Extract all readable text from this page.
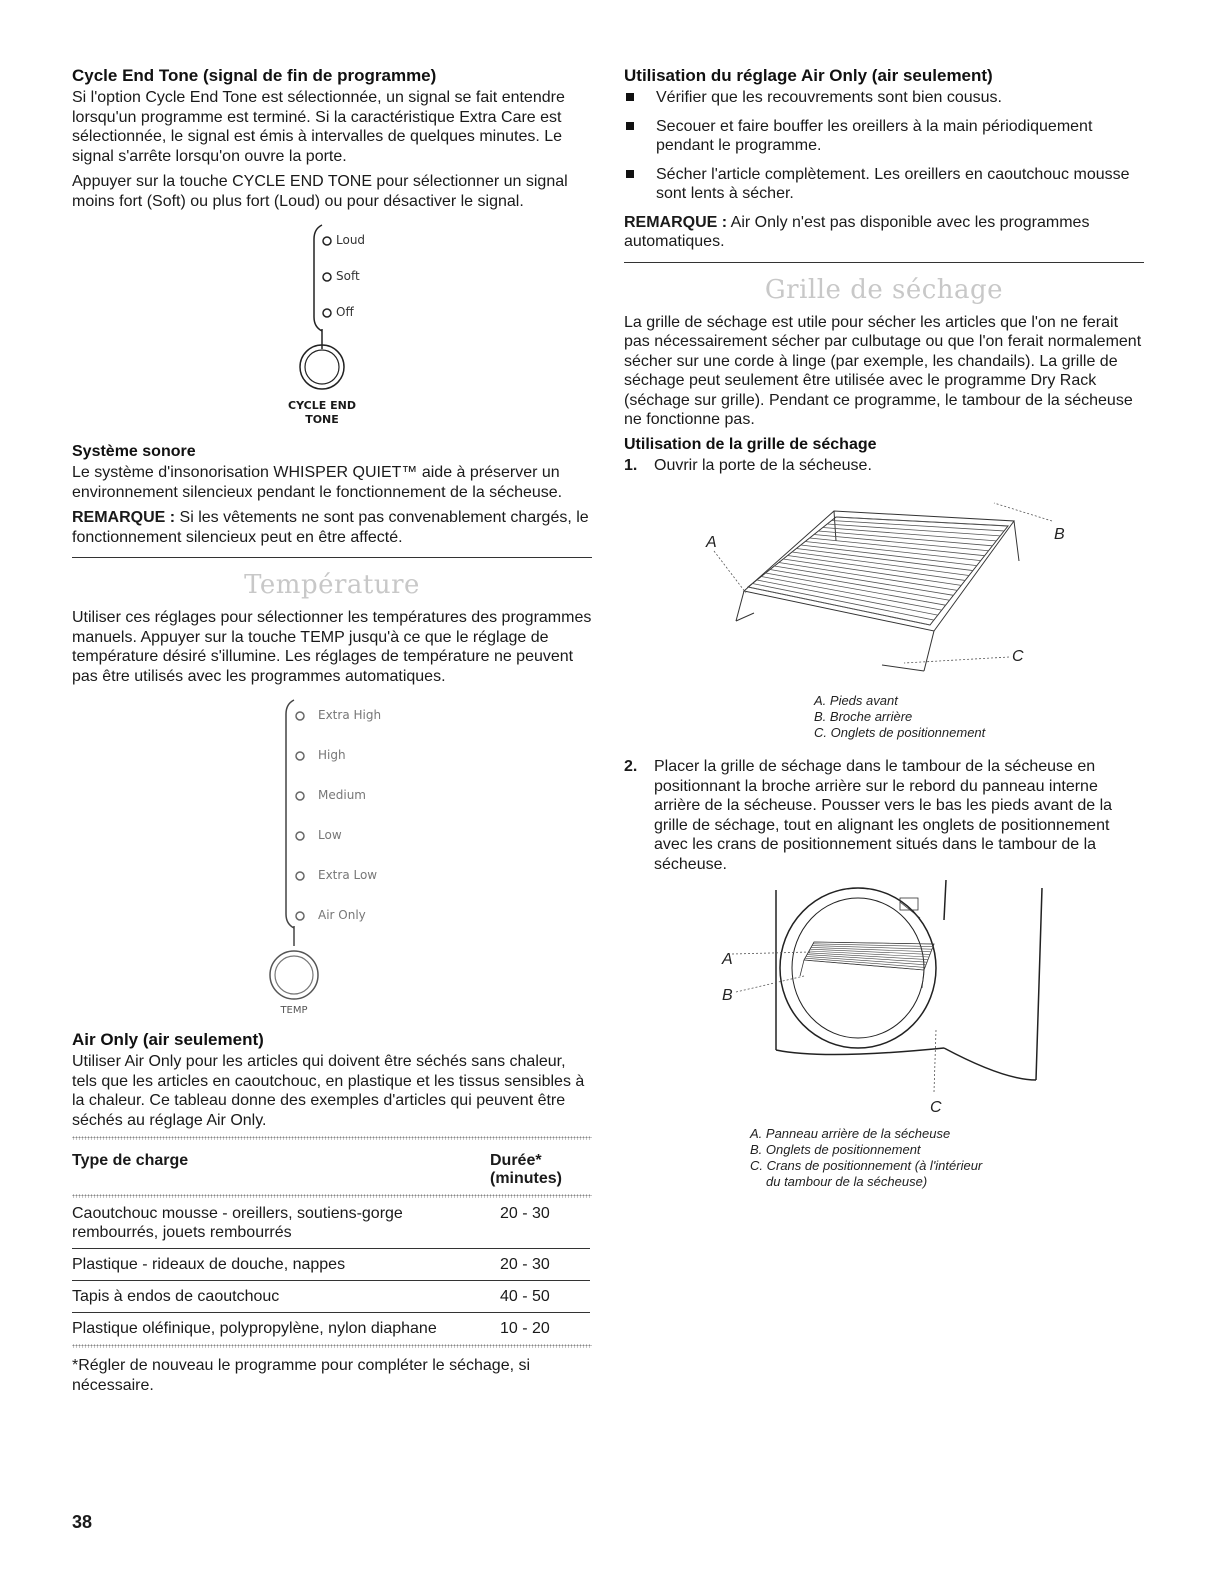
Cycle End Tone (signal de fin de programme)

Si l'option Cycle End Tone est sélectionnée, un signal se fait entendre lorsqu'un programme est terminé. Si la caractéristique Extra Care est sélectionnée, le signal est émis à intervalles de quelques minutes. Le signal s'arrête lorsqu'on ouvre la porte.

Appuyer sur la touche CYCLE END TONE pour sélectionner un signal moins fort (Soft) ou plus fort (Loud) ou pour désactiver le signal.

Loud
Soft
Off
CYCLE END
TONE
Système sonore

Le système d'insonorisation WHISPER QUIET™ aide à préserver un environnement silencieux pendant le fonctionnement de la sécheuse.

REMARQUE : Si les vêtements ne sont pas convenablement chargés, le fonctionnement silencieux peut en être affecté.

Température

Utiliser ces réglages pour sélectionner les températures des programmes manuels. Appuyer sur la touche TEMP jusqu'à ce que le réglage de température désiré s'illumine. Les réglages de température ne peuvent pas être utilisés avec les programmes automatiques.

Extra High
High
Medium
Low
Extra Low
Air Only
TEMP
Air Only (air seulement)

Utiliser Air Only pour les articles qui doivent être séchés sans chaleur, tels que les articles en caoutchouc, en plastique et les tissus sensibles à la chaleur. Ce tableau donne des exemples d'articles qui peuvent être séchés au réglage Air Only.

Type de charge	Durée*
(minutes)
Caoutchouc mousse - oreillers, soutiens-gorge rembourrés, jouets rembourrés	20 - 30
Plastique - rideaux de douche, nappes	20 - 30
Tapis à endos de caoutchouc	40 - 50
Plastique oléfinique, polypropylène, nylon diaphane	10 - 20

*Régler de nouveau le programme pour compléter le séchage, si nécessaire.

38
Utilisation du réglage Air Only (air seulement)
Vérifier que les recouvrements sont bien cousus.
Secouer et faire bouffer les oreillers à la main périodiquement pendant le programme.
Sécher l'article complètement. Les oreillers en caoutchouc mousse sont lents à sécher.

REMARQUE : Air Only n'est pas disponible avec les programmes automatiques.

Grille de séchage

La grille de séchage est utile pour sécher les articles que l'on ne ferait pas nécessairement sécher par culbutage ou que l'on ferait normalement sécher sur une corde à linge (par exemple, les chandails). La grille de séchage peut seulement être utilisée avec le programme Dry Rack (séchage sur grille). Pendant ce programme, le tambour de la sécheuse ne fonctionne pas.

Utilisation de la grille de séchage
1. Ouvrir la porte de la sécheuse.
A	B
C
A. Pieds avant
B. Broche arrière
C. Onglets de positionnement
2. Placer la grille de séchage dans le tambour de la sécheuse en positionnant la broche arrière sur le rebord du panneau interne arrière de la sécheuse. Pousser vers le bas les pieds avant de la grille de séchage, tout en alignant les onglets de positionnement avec les crans de positionnement situés dans le tambour de la sécheuse.
A
B
C
A. Panneau arrière de la sécheuse
B. Onglets de positionnement
C. Crans de positionnement (à l'intérieur
du tambour de la sécheuse)
